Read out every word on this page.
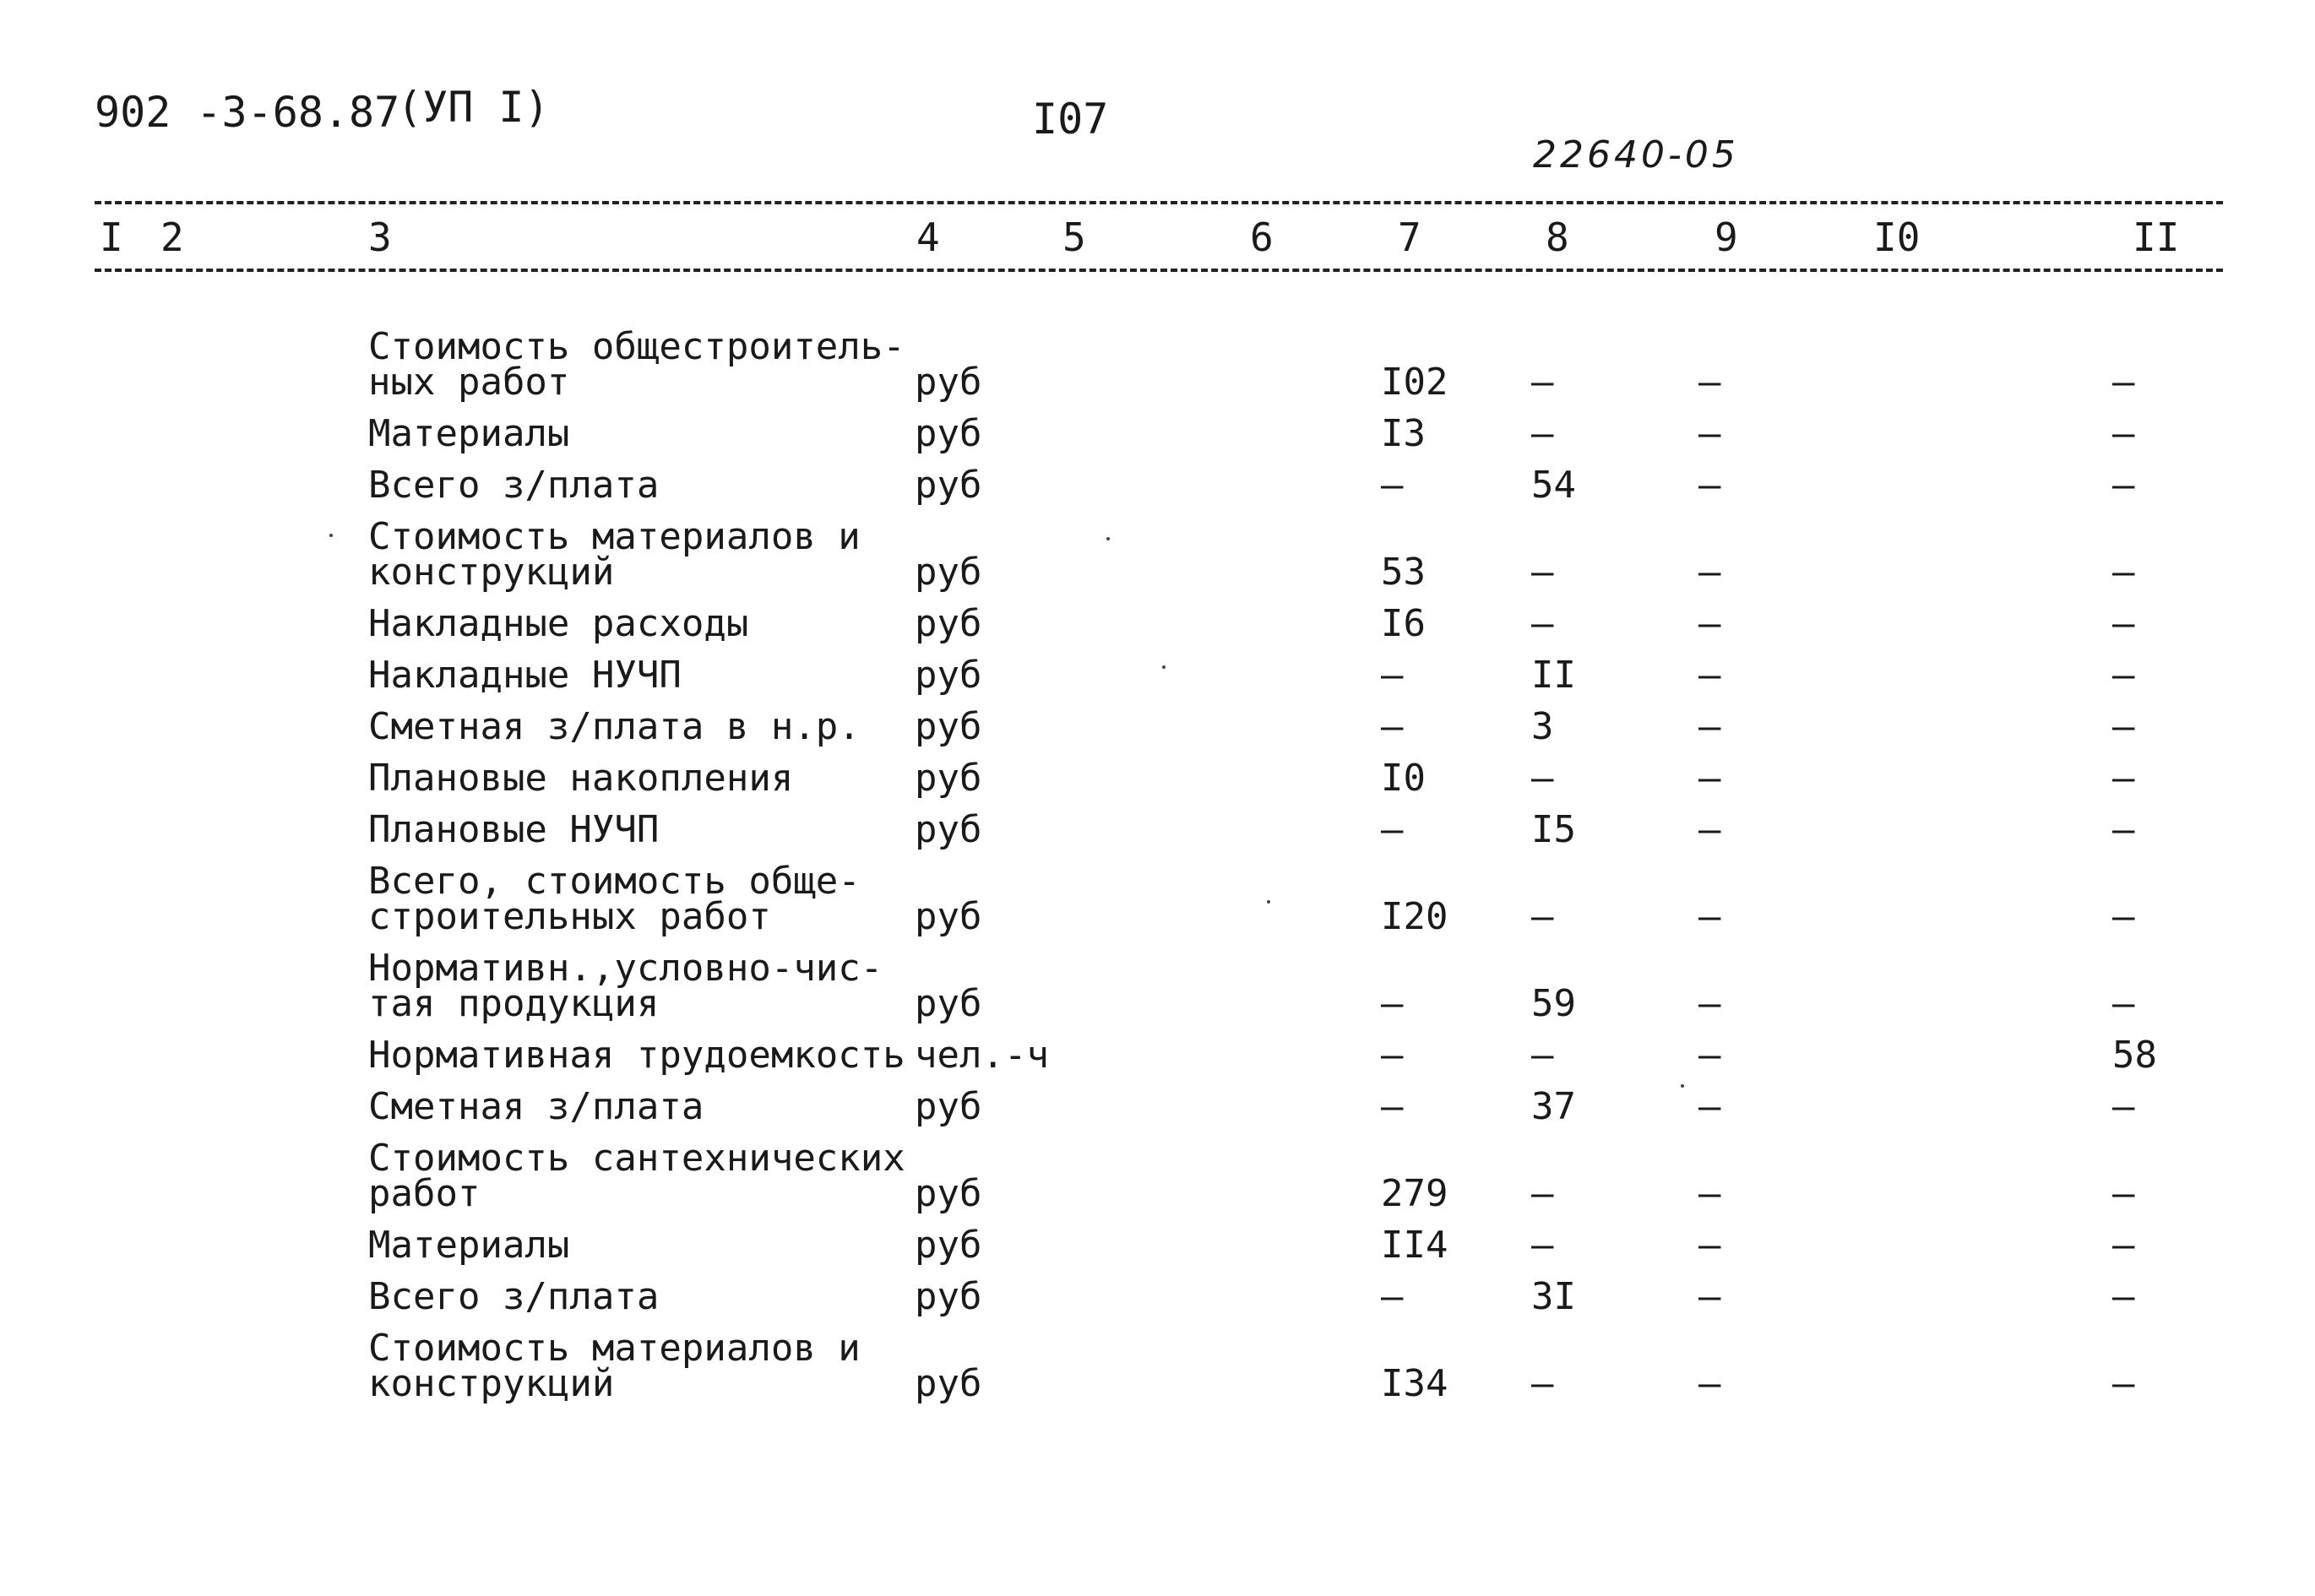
902 -3-68.87
(УП I)	I07
22640-05
I 2	3	4	5	6	7	8	9	I0	II
Стоимость общестроитель-
ных работ	руб	I02	–	–	–
Материалы	руб	I3	–	–	–
Всего з/плата	руб	–	54	–	–
Стоимость материалов и
конструкций	руб	53	–	–	–
Накладные расходы	руб	I6	–	–	–
Накладные НУЧП	руб	–	II	–	–
Сметная з/плата в н.р.	руб	–	3	–	–
Плановые накопления	руб	I0	–	–	–
Плановые НУЧП	руб	–	I5	–	–
Всего, стоимость обще-
строительных работ	руб	I20	–	–	–
Нормативн.,условно-чис-
тая продукция	руб	–	59	–	–
Нормативная трудоемкость	чел.-ч	–	–	–	58
Сметная з/плата	руб	–	37	–	–
Стоимость сантехнических
работ	руб	279	–	–	–
Материалы	руб	II4	–	–	–
Всего з/плата	руб	–	3I	–	–
Стоимость материалов и
конструкций	руб	I34	–	–	–
